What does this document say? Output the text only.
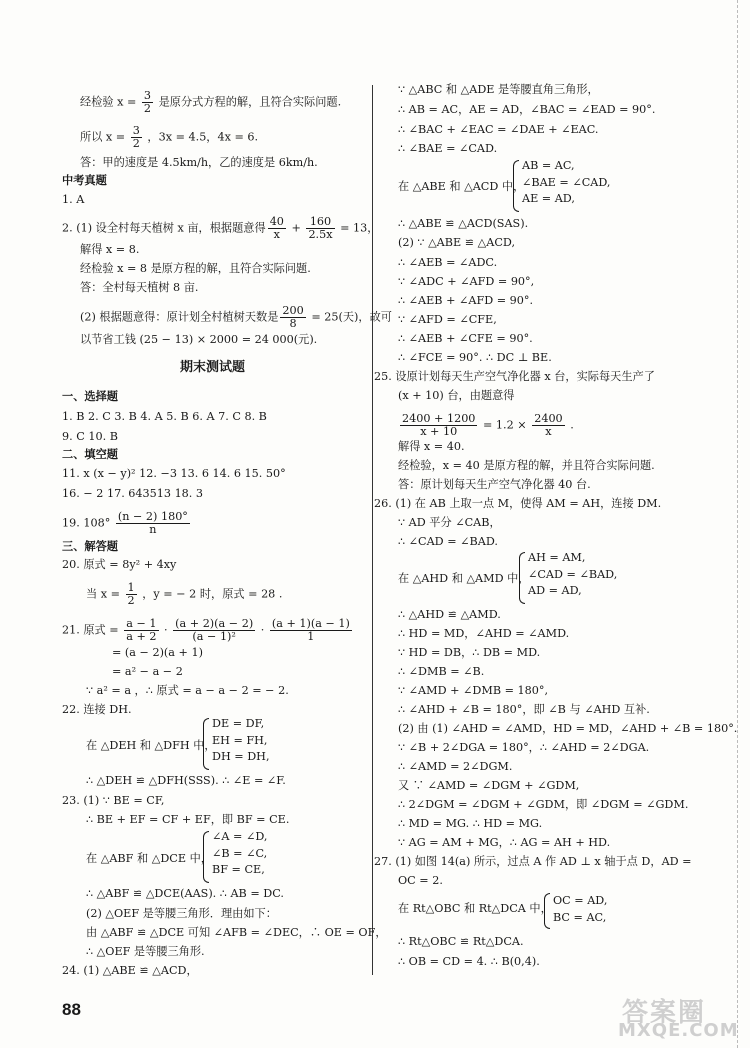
经检验 $x = \frac{3}{2}$ 是原分式方程的解，且符合实际问题.
所以 $x = \frac{3}{2}$ ，3x = 4.5，4x = 6.
答：甲的速度是 4.5km/h，乙的速度是 6km/h.
中考真题
1. A
2. (1) 设全村每天植树 x 亩，根据题意得 $\frac{40}{x} + \frac{160}{2.5x} = 13$，
解得 x = 8.
经检验 x = 8 是原方程的解，且符合实际问题.
答：全村每天植树 8 亩.
(2) 根据题意得：原计划全村植树天数是 $\frac{200}{8} = 25$(天)，故可
以节省工钱 (25 − 13) × 2000 = 24 000(元).
期末测试题
一、选择题
1. B 2. C 3. B 4. A 5. B 6. A 7. C 8. B
9. C 10. B
二、填空题
11. x (x − y)² 12. −3 13. 6 14. 6 15. 50°
16. − 2 17. 643513 18. 3
19. $108^\circ \frac{(n - 2) 180^\circ}{n}$
三、解答题
20. 原式 = 8y² + 4xy
当 $x = \frac{1}{2}$ ，y = − 2 时，原式 = 28 .
21. 原式 = $\frac{a - 1}{a + 2} \cdot \frac{(a + 2)(a - 2)}{\text{(a − 1)²}} \cdot \frac{(a + 1)(a - 1)}{1}$
= (a − 2)(a + 1)
= a² − a − 2
∵ a² = a ，∴ 原式 = a − a − 2 = − 2.
22. 连接 DH.
在 △DEH 和 △DFH 中，
DE = DF,
EH = FH,
DH = DH,
∴ △DEH ≌ △DFH(SSS). ∴ ∠E = ∠F.
23. (1) ∵ BE = CF,
∴ BE + EF = CF + EF，即 BF = CE.
在 △ABF 和 △DCE 中，
∠A = ∠D,
∠B = ∠C,
BF = CE,
∴ △ABF ≌ △DCE(AAS). ∴ AB = DC.
(2) △OEF 是等腰三角形．理由如下：
由 △ABF ≌ △DCE 可知 ∠AFB = ∠DEC，∴ OE = OF，
∴ △OEF 是等腰三角形.
24. (1) △ABE ≌ △ACD，
∵ △ABC 和 △ADE 是等腰直角三角形，
∴ AB = AC，AE = AD，∠BAC = ∠EAD = 90°.
∴ ∠BAC + ∠EAC = ∠DAE + ∠EAC.
∴ ∠BAE = ∠CAD.
在 △ABE 和 △ACD 中，
AB = AC,
∠BAE = ∠CAD,
AE = AD,
∴ △ABE ≌ △ACD(SAS).
(2) ∵ △ABE ≌ △ACD,
∴ ∠AEB = ∠ADC.
∵ ∠ADC + ∠AFD = 90°,
∴ ∠AEB + ∠AFD = 90°.
∵ ∠AFD = ∠CFE,
∴ ∠AEB + ∠CFE = 90°.
∴ ∠FCE = 90°. ∴ DC ⊥ BE.
25. 设原计划每天生产空气净化器 x 台，实际每天生产了
(x + 10) 台，由题意得
$\frac{2400 + 1200}{x + 10} = 1.2 \times \frac{2400}{x}$ .
解得 x = 40.
经检验，x = 40 是原方程的解，并且符合实际问题.
答：原计划每天生产空气净化器 40 台.
26. (1) 在 AB 上取一点 M，使得 AM = AH，连接 DM.
∵ AD 平分 ∠CAB，
∴ ∠CAD = ∠BAD.
在 △AHD 和 △AMD 中，
AH = AM,
∠CAD = ∠BAD,
AD = AD,
∴ △AHD ≌ △AMD.
∴ HD = MD，∠AHD = ∠AMD.
∵ HD = DB，∴ DB = MD.
∴ ∠DMB = ∠B.
∵ ∠AMD + ∠DMB = 180°,
∴ ∠AHD + ∠B = 180°，即 ∠B 与 ∠AHD 互补.
(2) 由 (1) ∠AHD = ∠AMD，HD = MD，∠AHD + ∠B = 180°.
∵ ∠B + 2∠DGA = 180°，∴ ∠AHD = 2∠DGA.
∴ ∠AMD = 2∠DGM.
又 ∵ ∠AMD = ∠DGM + ∠GDM,
∴ 2∠DGM = ∠DGM + ∠GDM，即 ∠DGM = ∠GDM.
∴ MD = MG. ∴ HD = MG.
∵ AG = AM + MG，∴ AG = AH + HD.
27. (1) 如图 14(a) 所示，过点 A 作 AD ⊥ x 轴于点 D，AD =
OC = 2.
在 Rt△OBC 和 Rt△DCA 中，
OC = AD,
BC = AC,
∴ Rt△OBC ≌ Rt△DCA.
∴ OB = CD = 4. ∴ B(0,4).
88	答案圈
MXQE.COM
